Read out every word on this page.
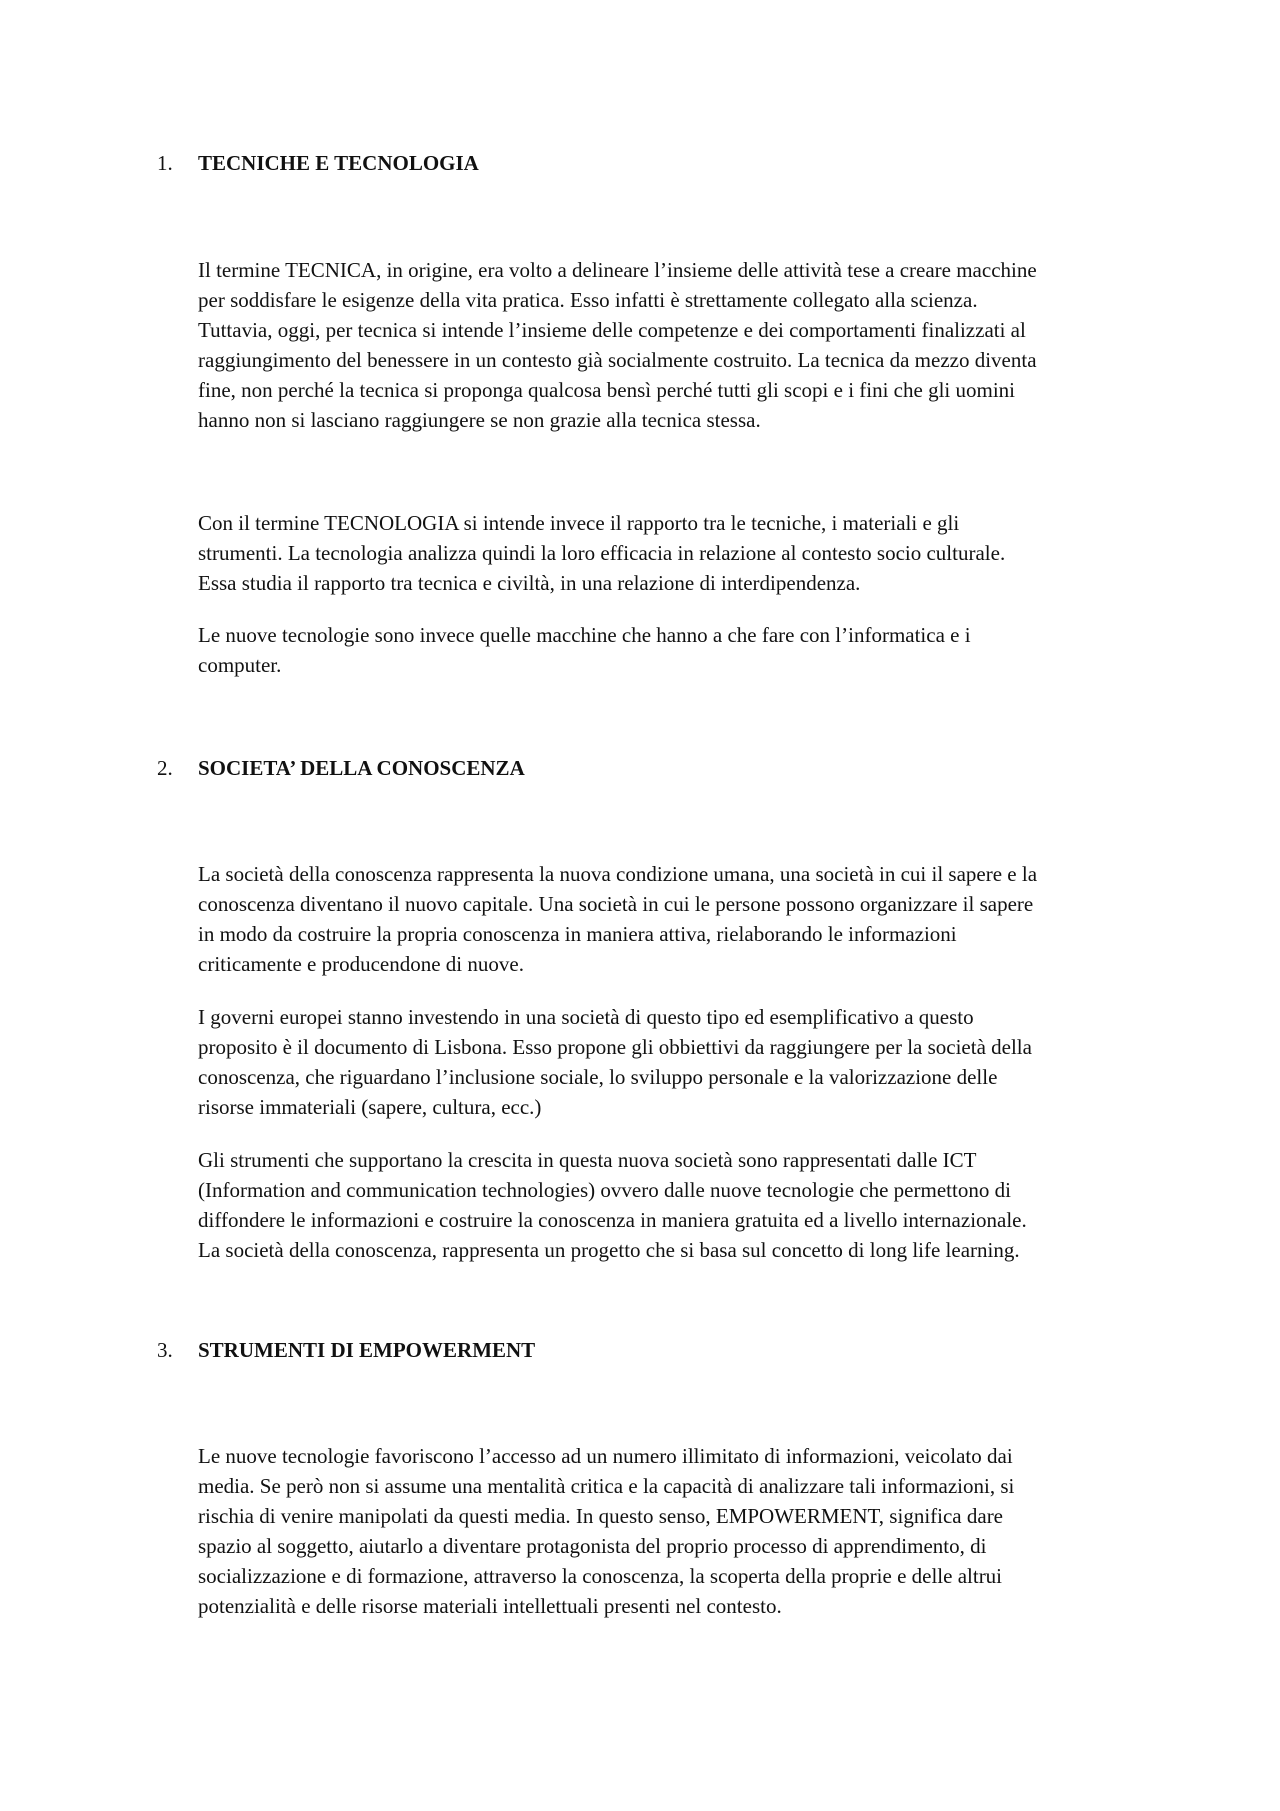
1. TECNICHE E TECNOLOGIA

Il termine TECNICA, in origine, era volto a delineare l’insieme delle attività tese a creare macchine
per soddisfare le esigenze della vita pratica. Esso infatti è strettamente collegato alla scienza.
Tuttavia, oggi, per tecnica si intende l’insieme delle competenze e dei comportamenti finalizzati al
raggiungimento del benessere in un contesto già socialmente costruito. La tecnica da mezzo diventa
fine, non perché la tecnica si proponga qualcosa bensì perché tutti gli scopi e i fini che gli uomini
hanno non si lasciano raggiungere se non grazie alla tecnica stessa.

Con il termine TECNOLOGIA si intende invece il rapporto tra le tecniche, i materiali e gli
strumenti. La tecnologia analizza quindi la loro efficacia in relazione al contesto socio culturale.
Essa studia il rapporto tra tecnica e civiltà, in una relazione di interdipendenza.

Le nuove tecnologie sono invece quelle macchine che hanno a che fare con l’informatica e i
computer.

2. SOCIETA’ DELLA CONOSCENZA

La società della conoscenza rappresenta la nuova condizione umana, una società in cui il sapere e la
conoscenza diventano il nuovo capitale. Una società in cui le persone possono organizzare il sapere
in modo da costruire la propria conoscenza in maniera attiva, rielaborando le informazioni
criticamente e producendone di nuove.

I governi europei stanno investendo in una società di questo tipo ed esemplificativo a questo
proposito è il documento di Lisbona. Esso propone gli obbiettivi da raggiungere per la società della
conoscenza, che riguardano l’inclusione sociale, lo sviluppo personale e la valorizzazione delle
risorse immateriali (sapere, cultura, ecc.)

Gli strumenti che supportano la crescita in questa nuova società sono rappresentati dalle ICT
(Information and communication technologies) ovvero dalle nuove tecnologie che permettono di
diffondere le informazioni e costruire la conoscenza in maniera gratuita ed a livello internazionale.
La società della conoscenza, rappresenta un progetto che si basa sul concetto di long life learning.

3. STRUMENTI DI EMPOWERMENT

Le nuove tecnologie favoriscono l’accesso ad un numero illimitato di informazioni, veicolato dai
media. Se però non si assume una mentalità critica e la capacità di analizzare tali informazioni, si
rischia di venire manipolati da questi media. In questo senso, EMPOWERMENT, significa dare
spazio al soggetto, aiutarlo a diventare protagonista del proprio processo di apprendimento, di
socializzazione e di formazione, attraverso la conoscenza, la scoperta della proprie e delle altrui
potenzialità e delle risorse materiali intellettuali presenti nel contesto.
